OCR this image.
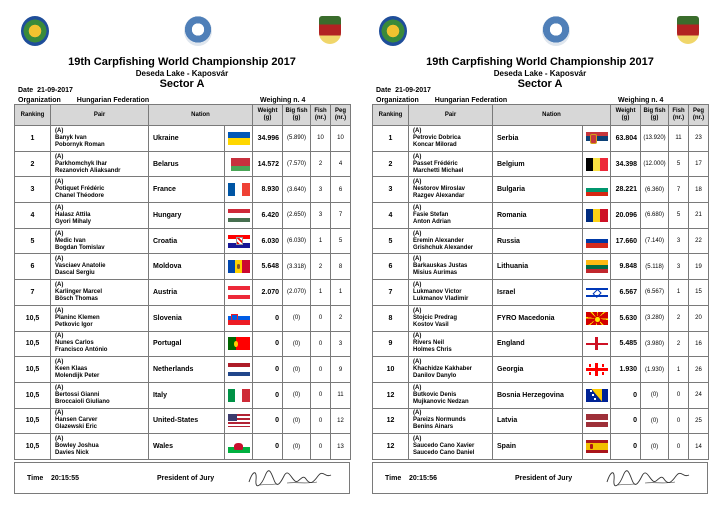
19th Carpfishing World Championship 2017
Deseda Lake - Kaposvár
Sector A
Date 21-09-2017
Organization Hungarian Federation	Weighing n. 4
Ranking	Pair	Nation		Weight (g)	Big fish (g)	Fish (nr.)	Peg (nr.)
1	(A)
Banyk Ivan
Pobornyk Roman	Ukraine		34.996	(5.890)	10	10
2	(A)
Parkhomchyk Ihar
Rezanovich Aliaksandr	Belarus		14.572	(7.570)	2	4
3	(A)
Potiquet Frédéric
Chanel Théodore	France		8.930	(3.640)	3	6
4	(A)
Halasz Attila
Gyori Mihaly	Hungary		6.420	(2.650)	3	7
5	(A)
Medic Ivan
Bogdan Tomislav	Croatia		6.030	(6.030)	1	5
6	(A)
Vasciaev Anatolie
Dascal Sergiu	Moldova		5.648	(3.318)	2	8
7	(A)
Karlinger Marcel
Bösch Thomas	Austria		2.070	(2.070)	1	1
10,5	(A)
Planinc Klemen
Petkovic Igor	Slovenia		0	(0)	0	2
10,5	(A)
Nunes Carlos
Francisco António	Portugal		0	(0)	0	3
10,5	(A)
Keen Klaas
Molendijk Peter	Netherlands		0	(0)	0	9
10,5	(A)
Bertossi Gianni
Broccaioli Giuliano	Italy		0	(0)	0	11
10,5	(A)
Hansen Carver
Glazewski Eric	United-States		0	(0)	0	12
10,5	(A)
Bowley Joshua
Davies Nick	Wales		0	(0)	0	13
Time 20:15:55	President of Jury
19th Carpfishing World Championship 2017
Deseda Lake - Kaposvár
Sector A
Date 21-09-2017
Organization Hungarian Federation	Weighing n. 4
Ranking	Pair	Nation		Weight (g)	Big fish (g)	Fish (nr.)	Peg (nr.)
1	(A)
Petrovic Dobrica
Koncar Milorad	Serbia		63.804	(13.920)	11	23
2	(A)
Passet Frédéric
Marchetti Michael	Belgium		34.398	(12.000)	5	17
3	(A)
Nestorov Miroslav
Razgev Alexandar	Bulgaria		28.221	(6.360)	7	18
4	(A)
Fasie Stefan
Anton Adrian	Romania		20.096	(6.680)	5	21
5	(A)
Eremin Alexander
Grishchuk Alexander	Russia		17.660	(7.140)	3	22
6	(A)
Barkauskas Justas
Misius Aurimas	Lithuania		9.848	(5.118)	3	19
7	(A)
Lukmanov Victor
Lukmanov Vladimir	Israel		6.567	(6.567)	1	15
8	(A)
Stojcic Predrag
Kostov Vasil	FYRO Macedonia		5.630	(3.280)	2	20
9	(A)
Rivers Neil
Holmes Chris	England		5.485	(3.980)	2	16
10	(A)
Khachidze Kakhaber
Danilov Danylo	Georgia		1.930	(1.930)	1	26
12	(A)
Butkovic Denis
Mujkanovic Nedzan	Bosnia Herzegovina		0	(0)	0	24
12	(A)
Pareizs Normunds
Benins Ainars	Latvia		0	(0)	0	25
12	(A)
Saucedo Cano Xavier
Saucedo Cano Daniel	Spain		0	(0)	0	14
Time 20:15:56	President of Jury
